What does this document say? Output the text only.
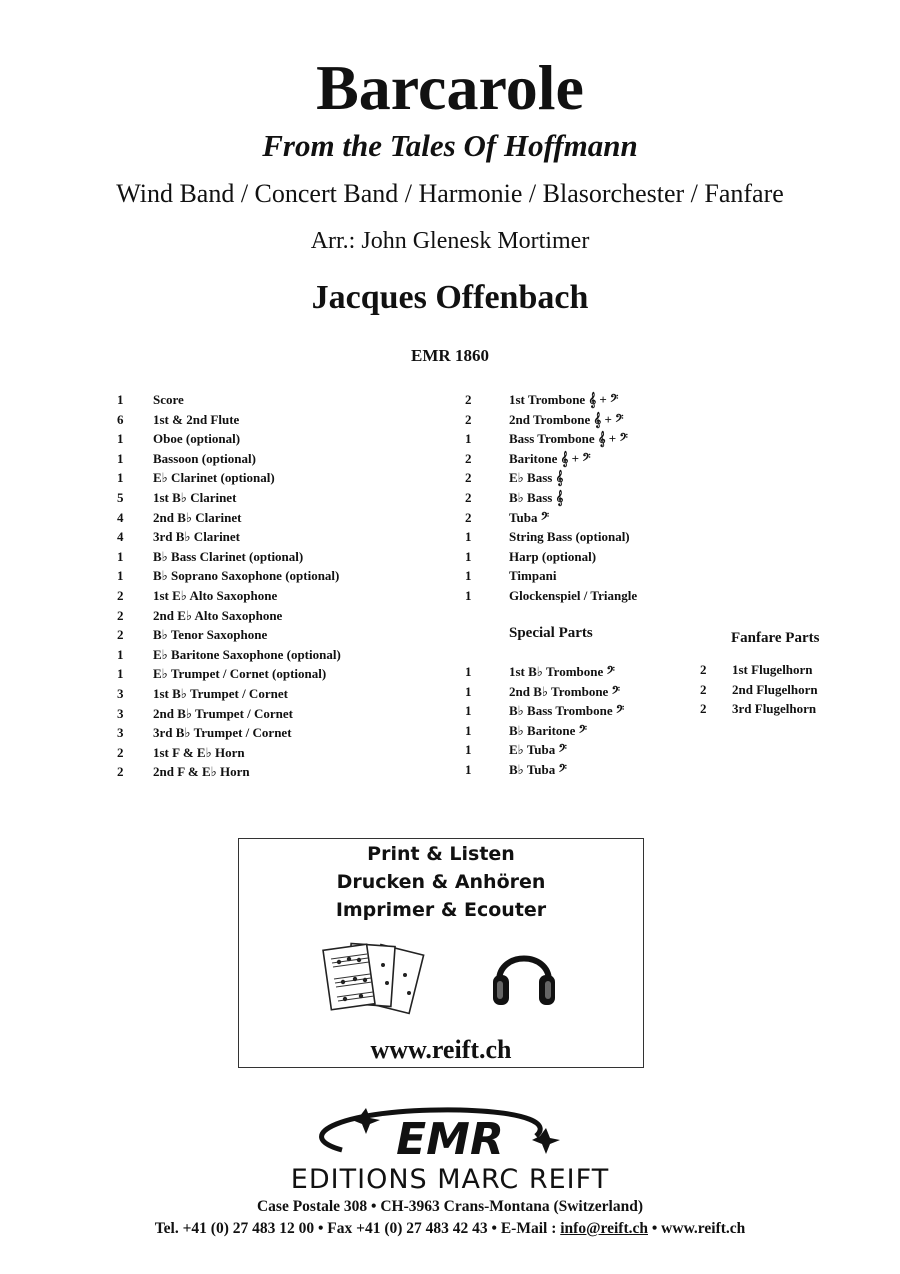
Barcarole
From the Tales Of Hoffmann
Wind Band / Concert Band / Harmonie / Blasorchester / Fanfare
Arr.: John Glenesk Mortimer
Jacques Offenbach
EMR 1860
1 Score
6 1st & 2nd Flute
1 Oboe (optional)
1 Bassoon (optional)
1 E♭ Clarinet (optional)
5 1st B♭ Clarinet
4 2nd B♭ Clarinet
4 3rd B♭ Clarinet
1 B♭ Bass Clarinet (optional)
1 B♭ Soprano Saxophone (optional)
2 1st E♭ Alto Saxophone
2 2nd E♭ Alto Saxophone
2 B♭ Tenor Saxophone
1 E♭ Baritone Saxophone (optional)
1 E♭ Trumpet / Cornet (optional)
3 1st B♭ Trumpet / Cornet
3 2nd B♭ Trumpet / Cornet
3 3rd B♭ Trumpet / Cornet
2 1st F & E♭ Horn
2 2nd F & E♭ Horn
2	1st Trombone 𝄞 + 𝄢
2	2nd Trombone 𝄞 + 𝄢
1	Bass Trombone 𝄞 + 𝄢
2	Baritone 𝄞 + 𝄢
2	E♭ Bass 𝄞
2	B♭ Bass 𝄞
2	Tuba 𝄢
1	String Bass (optional)
1	Harp (optional)
1	Timpani
1	Glockenspiel / Triangle
Special Parts
1	1st B♭ Trombone 𝄢
1	2nd B♭ Trombone 𝄢
1	B♭ Bass Trombone 𝄢
1	B♭ Baritone 𝄢
1	E♭ Tuba 𝄢
1	B♭ Tuba 𝄢
Fanfare Parts
2 1st Flugelhorn
2 2nd Flugelhorn
2 3rd Flugelhorn
Print & Listen
Drucken & Anhören
Imprimer & Ecouter
www.reift.ch
EMR
EDITIONS MARC REIFT
Case Postale 308 • CH-3963 Crans-Montana (Switzerland)
Tel. +41 (0) 27 483 12 00 • Fax +41 (0) 27 483 42 43 • E-Mail : info@reift.ch • www.reift.ch
